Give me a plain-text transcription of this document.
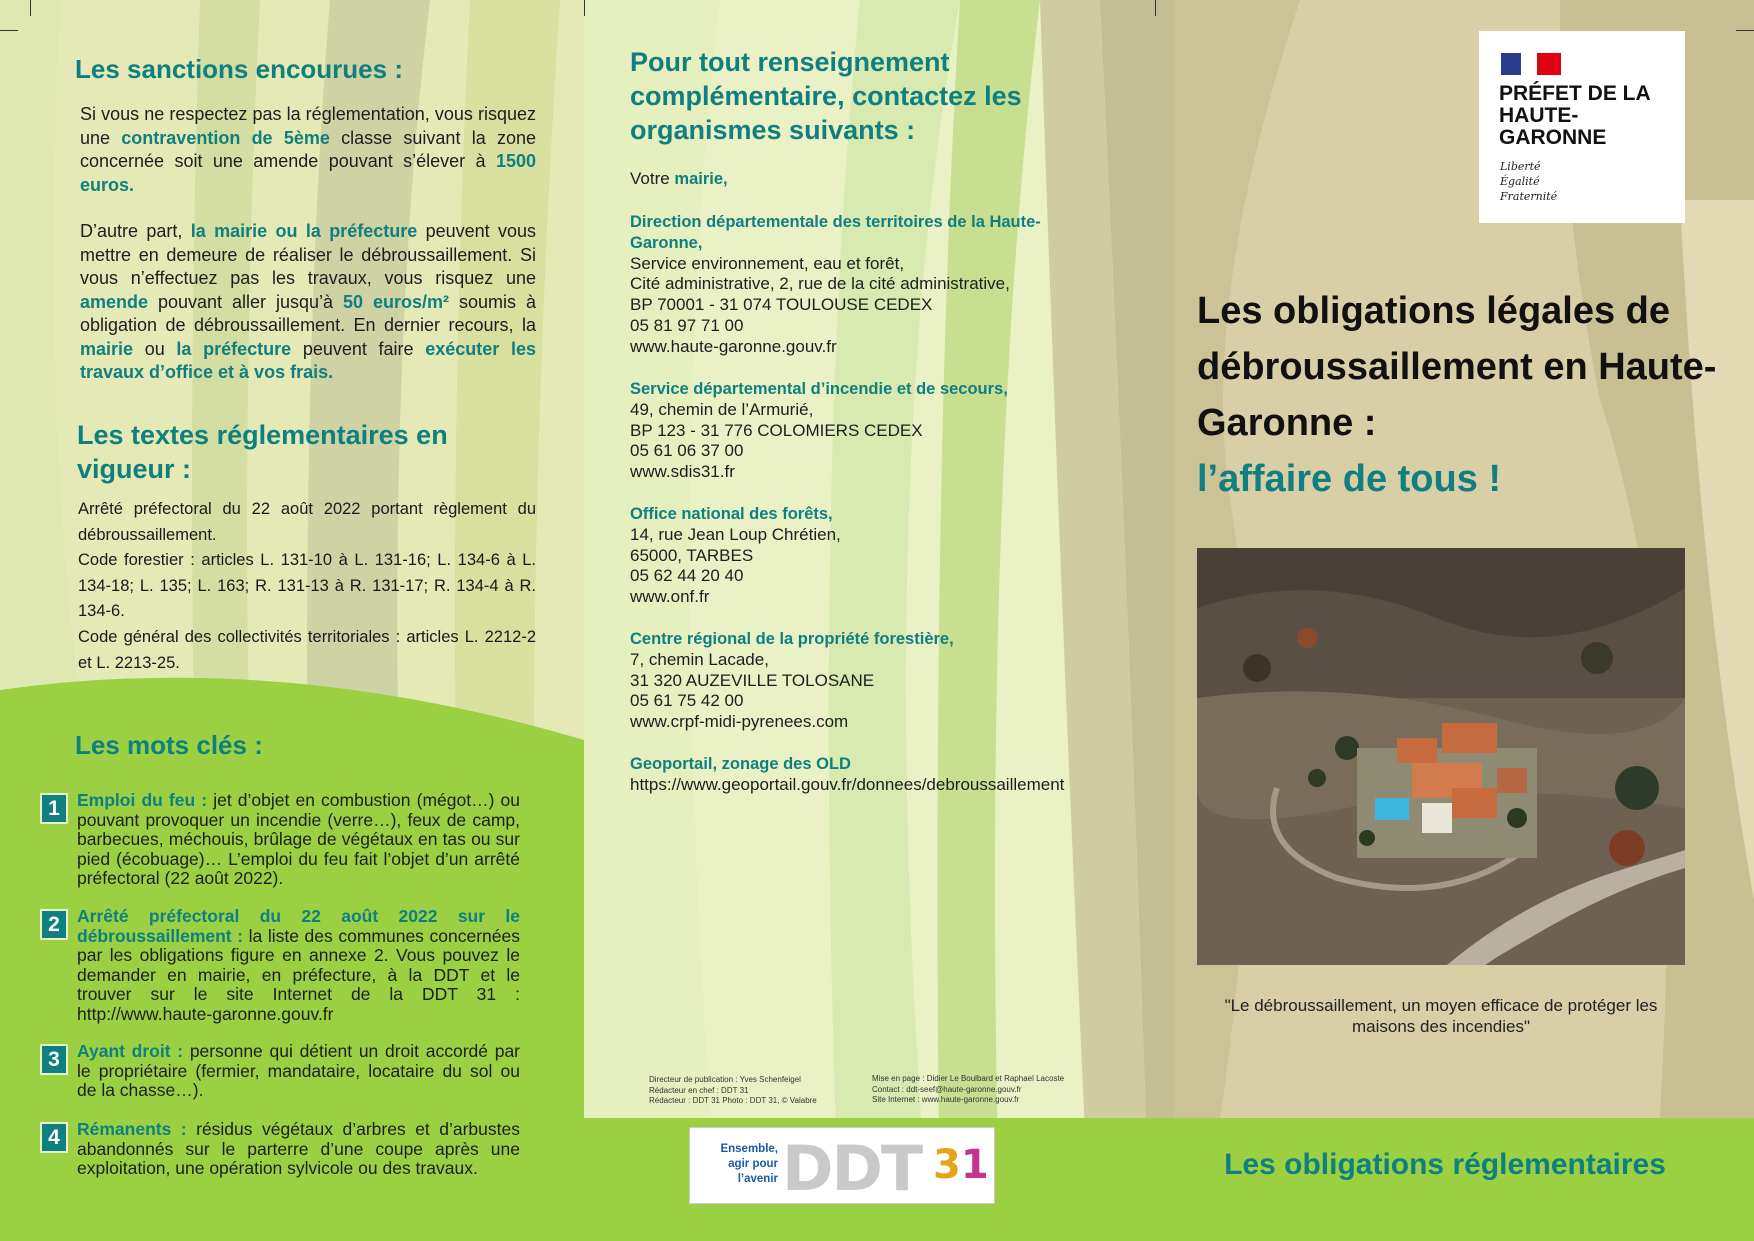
Les sanctions encourues :
Si vous ne respectez pas la réglementation, vous risquez une contravention de 5ème classe suivant la zone concernée soit une amende pouvant s’élever à 1500 euros.
D’autre part, la mairie ou la préfecture peuvent vous mettre en demeure de réaliser le débroussaillement. Si vous n’effectuez pas les travaux, vous risquez une amende pouvant aller jusqu’à 50 euros/m² soumis à obligation de débroussaillement. En dernier recours, la mairie ou la préfecture peuvent faire exécuter les travaux d’office et à vos frais.
Les textes réglementaires en vigueur :
Arrêté préfectoral du 22 août 2022 portant règlement du débroussaillement.
Code forestier : articles L. 131-10 à L. 131-16; L. 134-6 à L. 134-18; L. 135; L. 163; R. 131-13 à R. 131-17; R. 134-4 à R. 134-6.
Code général des collectivités territoriales : articles L. 2212-2 et L. 2213-25.
Les mots clés :
1 Emploi du feu : jet d’objet en combustion (mégot…) ou pouvant provoquer un incendie (verre…), feux de camp, barbecues, méchouis, brûlage de végétaux en tas ou sur pied (écobuage)… L’emploi du feu fait l’objet d’un arrêté préfectoral (22 août 2022).
2 Arrêté préfectoral du 22 août 2022 sur le débroussaillement : la liste des communes concernées par les obligations figure en annexe 2. Vous pouvez le demander en mairie, en préfecture, à la DDT et le trouver sur le site Internet de la DDT 31 : http://www.haute-garonne.gouv.fr
3 Ayant droit : personne qui détient un droit accordé par le propriétaire (fermier, mandataire, locataire du sol ou de la chasse…).
4 Rémanents : résidus végétaux d’arbres et d’arbustes abandonnés sur le parterre d’une coupe après une exploitation, une opération sylvicole ou des travaux.
Pour tout renseignement complémentaire, contactez les organismes suivants :
Votre mairie,
Direction départementale des territoires de la Haute-Garonne,
Service environnement, eau et forêt,
Cité administrative, 2, rue de la cité administrative,
BP 70001 - 31 074 TOULOUSE CEDEX
05 81 97 71 00
www.haute-garonne.gouv.fr
Service départemental d’incendie et de secours,
49, chemin de l’Armurié,
BP 123 - 31 776 COLOMIERS CEDEX
05 61 06 37 00
www.sdis31.fr
Office national des forêts,
14, rue Jean Loup Chrétien,
65000, TARBES
05 62 44 20 40
www.onf.fr
Centre régional de la propriété forestière,
7, chemin Lacade,
31 320 AUZEVILLE TOLOSANE
05 61 75 42 00
www.crpf-midi-pyrenees.com
Geoportail, zonage des OLD
https://www.geoportail.gouv.fr/donnees/debroussaillement
Directeur de publication : Yves Schenfeigel
Rédacteur en chef : DDT 31
Rédacteur : DDT 31 Photo : DDT 31, © Valabre
Mise en page : Didier Le Boulbard et Raphael Lacoste
Contact : ddt-seef@haute-garonne.gouv.fr
Site Internet : www.haute-garonne.gouv.fr
Ensemble, agir pour l’avenir DDT 31
PRÉFET DE LA HAUTE-GARONNE
Liberté
Égalité
Fraternité
Les obligations légales de débroussaillement en Haute-Garonne :
l’affaire de tous !
"Le débroussaillement, un moyen efficace de protéger les maisons des incendies"
Les obligations réglementaires
